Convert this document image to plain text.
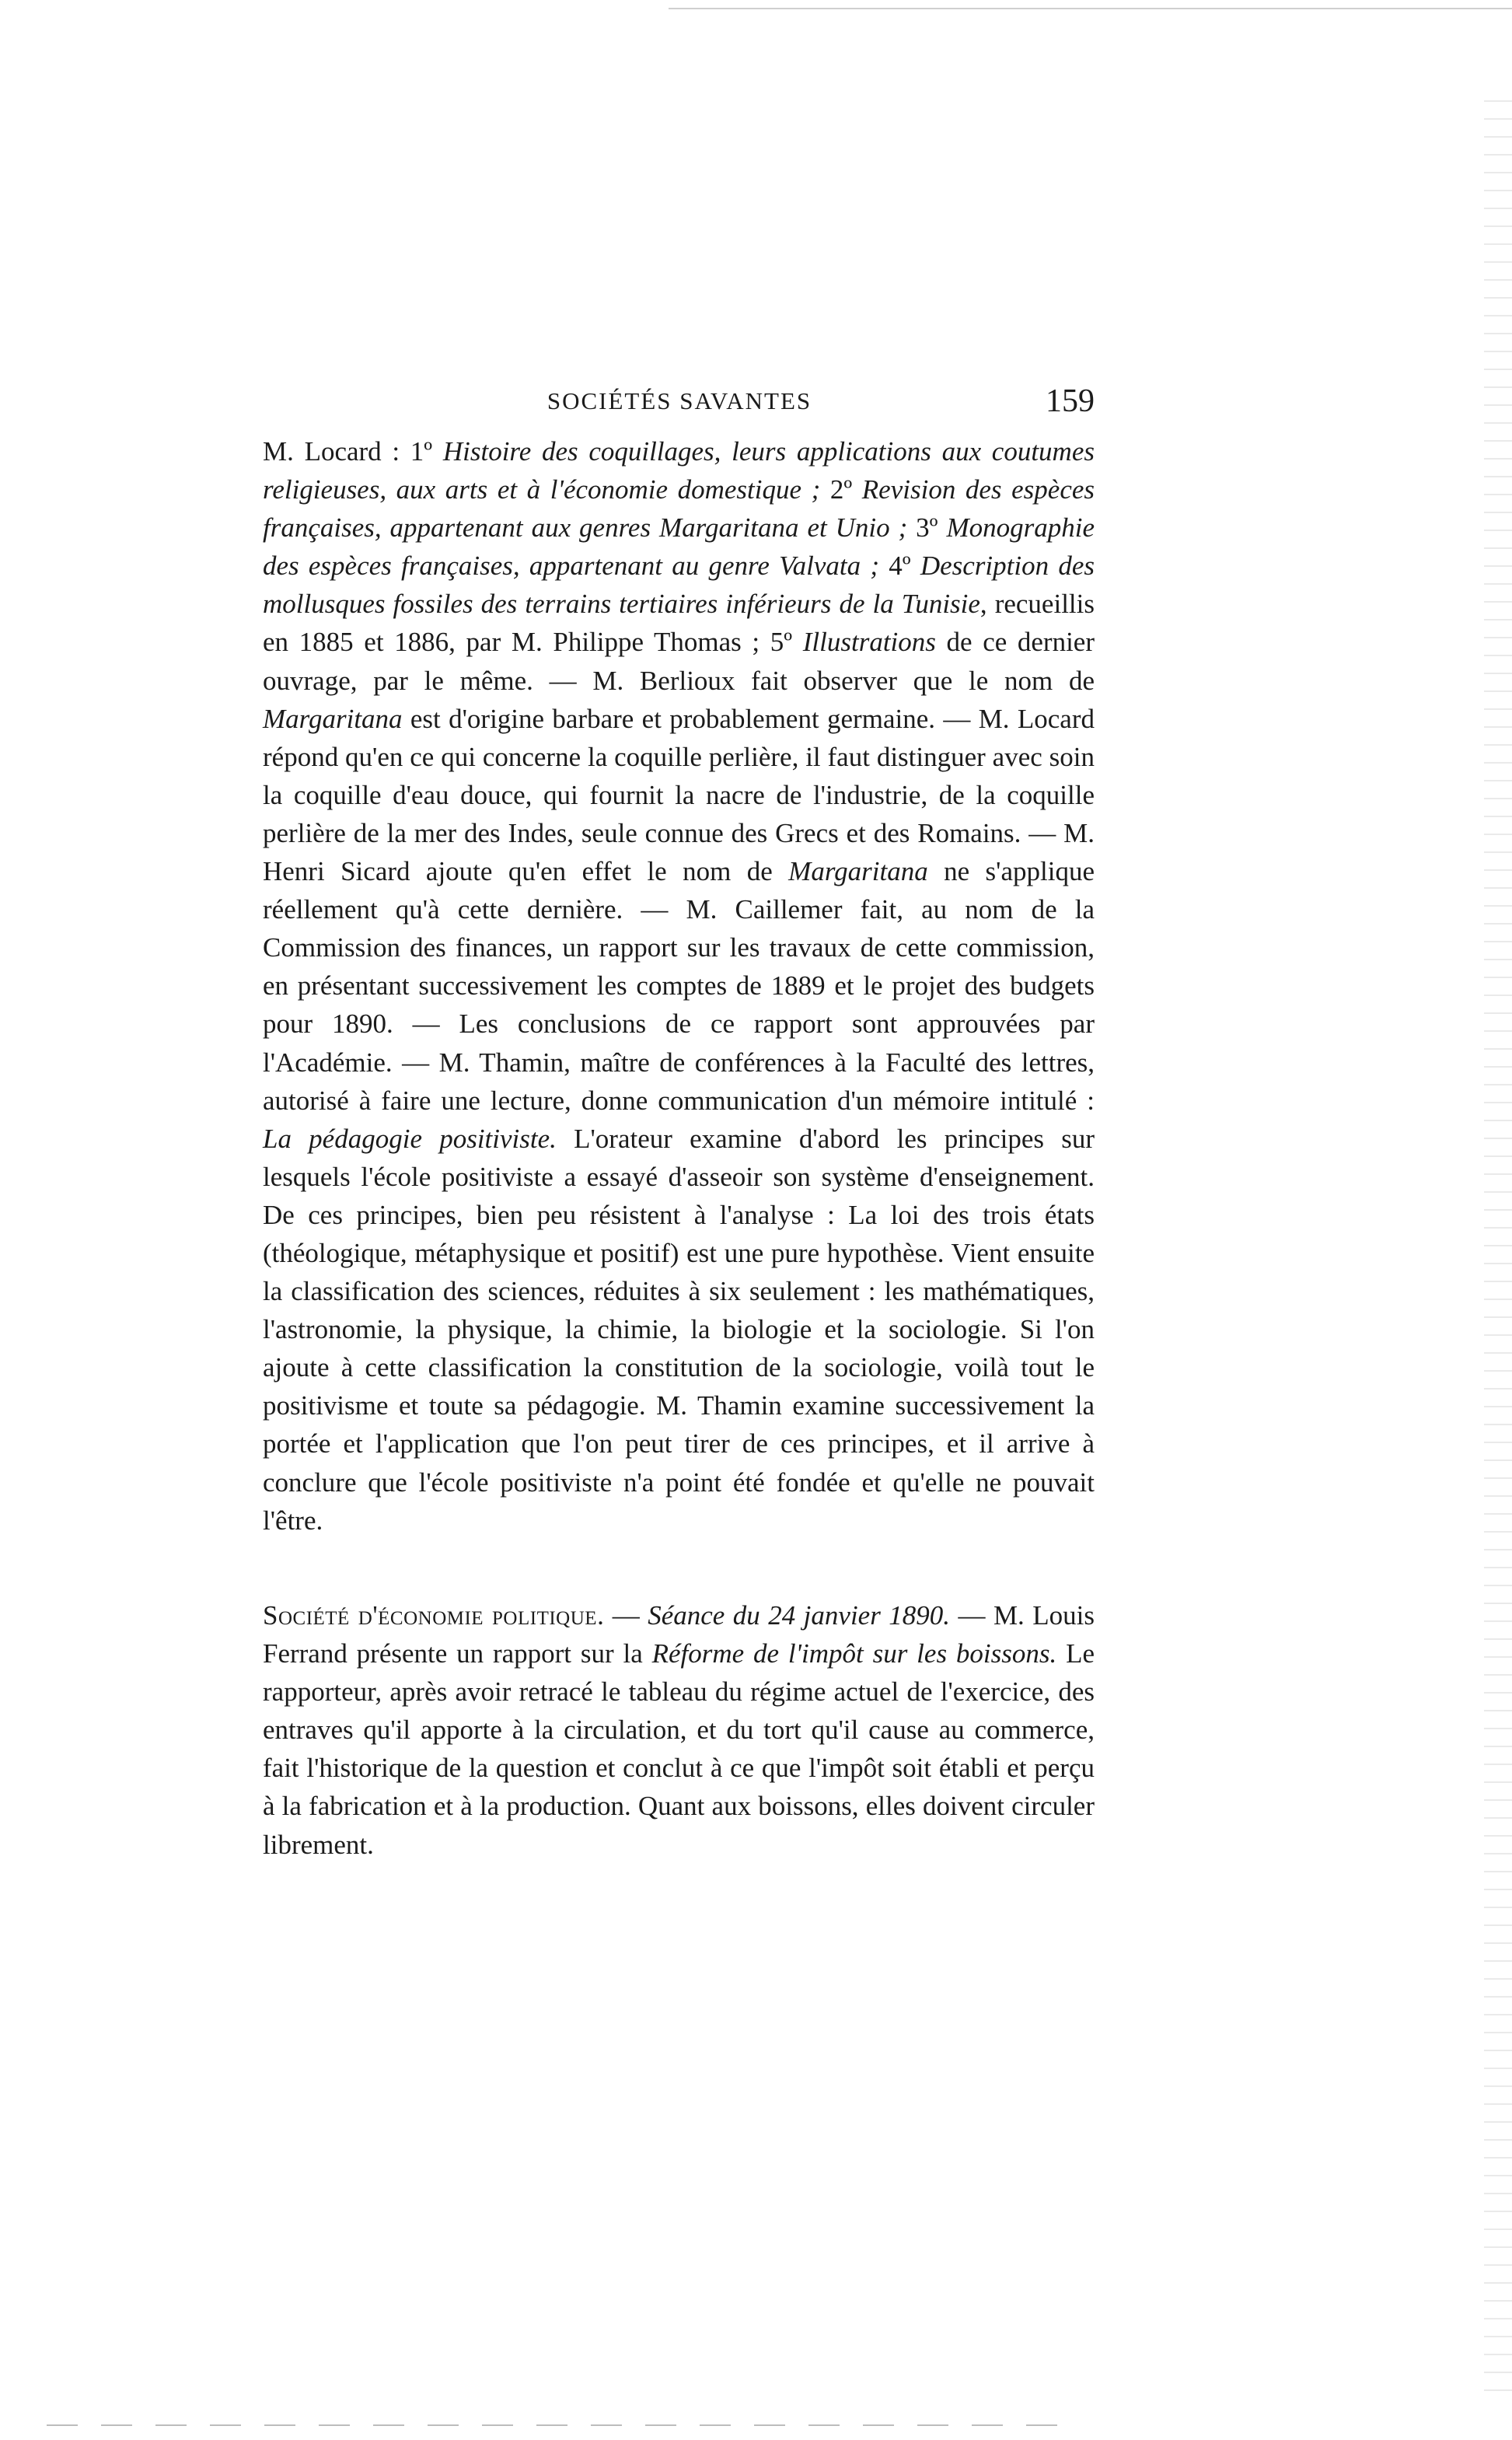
SOCIÉTÉS SAVANTES	159

M. Locard : 1º Histoire des coquillages, leurs applications aux coutumes religieuses, aux arts et à l'économie domestique ; 2º Revision des espèces françaises, appartenant aux genres Margaritana et Unio ; 3º Monographie des espèces françaises, appartenant au genre Valvata ; 4º Description des mollusques fossiles des terrains tertiaires inférieurs de la Tunisie, recueillis en 1885 et 1886, par M. Philippe Thomas ; 5º Illustrations de ce dernier ouvrage, par le même. — M. Berlioux fait observer que le nom de Margaritana est d'origine barbare et probablement germaine. — M. Locard répond qu'en ce qui concerne la coquille perlière, il faut distinguer avec soin la coquille d'eau douce, qui fournit la nacre de l'industrie, de la coquille perlière de la mer des Indes, seule connue des Grecs et des Romains. — M. Henri Sicard ajoute qu'en effet le nom de Margaritana ne s'applique réellement qu'à cette dernière. — M. Caillemer fait, au nom de la Commission des finances, un rapport sur les travaux de cette commission, en présentant successivement les comptes de 1889 et le projet des budgets pour 1890. — Les conclusions de ce rapport sont approuvées par l'Académie. — M. Thamin, maître de conférences à la Faculté des lettres, autorisé à faire une lecture, donne communication d'un mémoire intitulé : La pédagogie positiviste. L'orateur examine d'abord les principes sur lesquels l'école positiviste a essayé d'asseoir son système d'enseignement. De ces principes, bien peu résistent à l'analyse : La loi des trois états (théologique, métaphysique et positif) est une pure hypothèse. Vient ensuite la classification des sciences, réduites à six seulement : les mathématiques, l'astronomie, la physique, la chimie, la biologie et la sociologie. Si l'on ajoute à cette classification la constitution de la sociologie, voilà tout le positivisme et toute sa pédagogie. M. Thamin examine successivement la portée et l'application que l'on peut tirer de ces principes, et il arrive à conclure que l'école positiviste n'a point été fondée et qu'elle ne pouvait l'être.

Société d'économie politique. — Séance du 24 janvier 1890. — M. Louis Ferrand présente un rapport sur la Réforme de l'impôt sur les boissons. Le rapporteur, après avoir retracé le tableau du régime actuel de l'exercice, des entraves qu'il apporte à la circulation, et du tort qu'il cause au commerce, fait l'historique de la question et conclut à ce que l'impôt soit établi et perçu à la fabrication et à la production. Quant aux boissons, elles doivent circuler librement.
